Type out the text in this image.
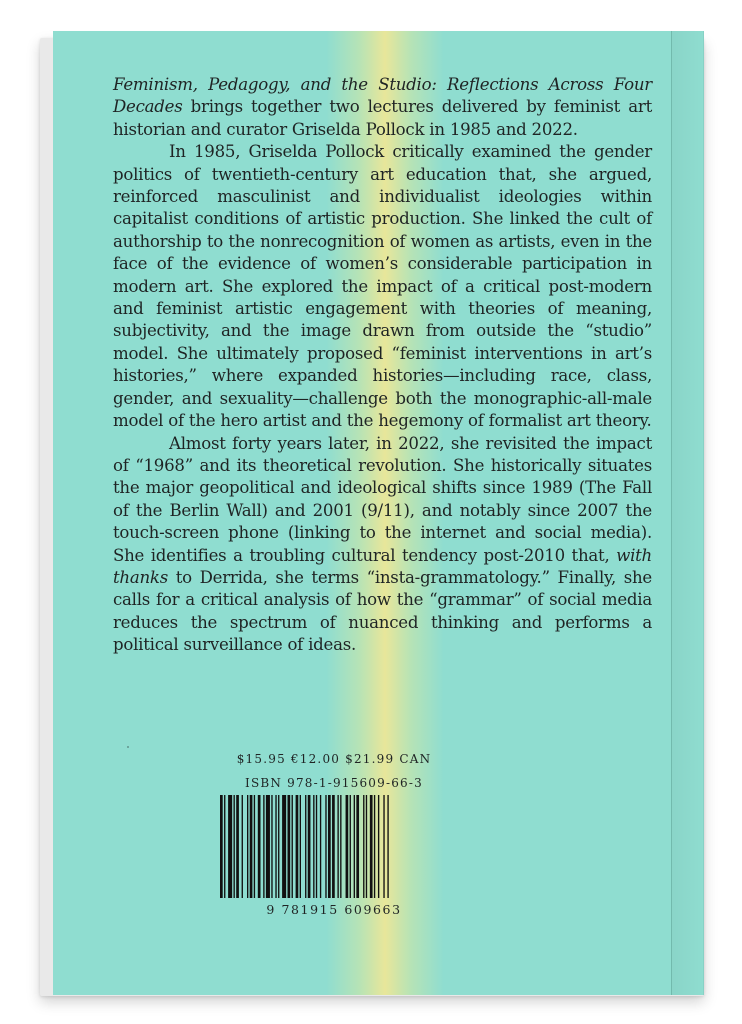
Feminism, Pedagogy, and the Studio: Reflections Across Four Decades brings together two lectures delivered by feminist art historian and curator Griselda Pollock in 1985 and 2022.

In 1985, Griselda Pollock critically examined the gender politics of twentieth-century art education that, she argued, reinforced masculinist and individualist ideologies within capitalist conditions of artistic production. She linked the cult of authorship to the nonrecognition of women as artists, even in the face of the evidence of women’s considerable participation in modern art. She explored the impact of a critical post-modern and feminist artistic engagement with theories of meaning, subjectivity, and the image drawn from outside the “studio” model. She ultimately proposed “feminist interventions in art’s histories,” where expanded histories—including race, class, gender, and sexuality—challenge both the monographic-all-male model of the hero artist and the hegemony of formalist art theory.

Almost forty years later, in 2022, she revisited the impact of “1968” and its theoretical revolution. She historically situates the major geopolitical and ideological shifts since 1989 (The Fall of the Berlin Wall) and 2001 (9/11), and notably since 2007 the touch-screen phone (linking to the internet and social media). She identifies a troubling cultural tendency post-2010 that, with thanks to Derrida, she terms “insta-grammatology.” Finally, she calls for a critical analysis of how the “grammar” of social media reduces the spectrum of nuanced thinking and performs a political surveillance of ideas.

$15.95 €12.00 $21.99 CAN
ISBN 978-1-915609-66-3
9 781915 609663
